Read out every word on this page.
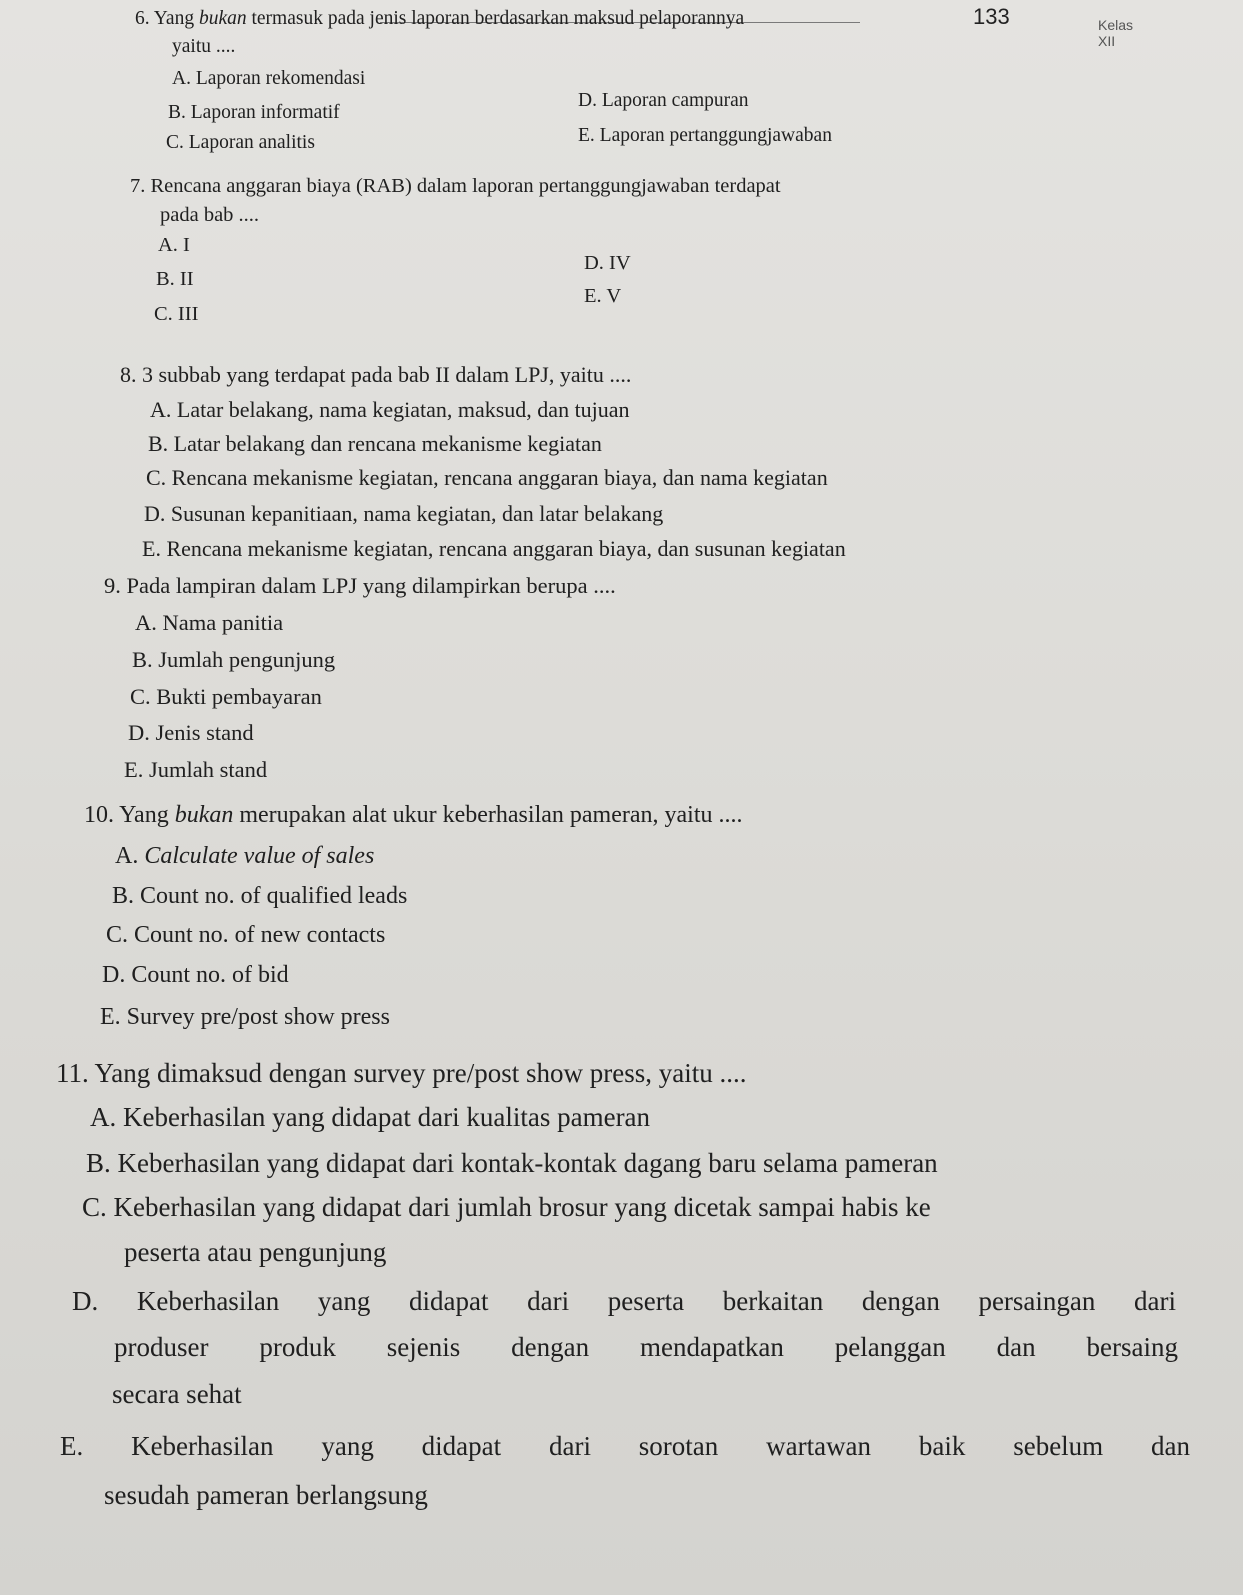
Kelas XII
133
6. Yang bukan termasuk pada jenis laporan berdasarkan maksud pelaporannya
yaitu ....
A. Laporan rekomendasi
B. Laporan informatif
C. Laporan analitis
D. Laporan campuran
E. Laporan pertanggungjawaban
7. Rencana anggaran biaya (RAB) dalam laporan pertanggungjawaban terdapat
pada bab ....
A. I
B. II
C. III
D. IV
E. V
8. 3 subbab yang terdapat pada bab II dalam LPJ, yaitu ....
A. Latar belakang, nama kegiatan, maksud, dan tujuan
B. Latar belakang dan rencana mekanisme kegiatan
C. Rencana mekanisme kegiatan, rencana anggaran biaya, dan nama kegiatan
D. Susunan kepanitiaan, nama kegiatan, dan latar belakang
E. Rencana mekanisme kegiatan, rencana anggaran biaya, dan susunan kegiatan
9. Pada lampiran dalam LPJ yang dilampirkan berupa ....
A. Nama panitia
B. Jumlah pengunjung
C. Bukti pembayaran
D. Jenis stand
E. Jumlah stand
10. Yang bukan merupakan alat ukur keberhasilan pameran, yaitu ....
A. Calculate value of sales
B. Count no. of qualified leads
C. Count no. of new contacts
D. Count no. of bid
E. Survey pre/post show press
11. Yang dimaksud dengan survey pre/post show press, yaitu ....
A. Keberhasilan yang didapat dari kualitas pameran
B. Keberhasilan yang didapat dari kontak-kontak dagang baru selama pameran
C. Keberhasilan yang didapat dari jumlah brosur yang dicetak sampai habis ke
peserta atau pengunjung
D. Keberhasilan yang didapat dari peserta berkaitan dengan persaingan dari
produser produk sejenis dengan mendapatkan pelanggan dan bersaing
secara sehat
E. Keberhasilan yang didapat dari sorotan wartawan baik sebelum dan
sesudah pameran berlangsung
